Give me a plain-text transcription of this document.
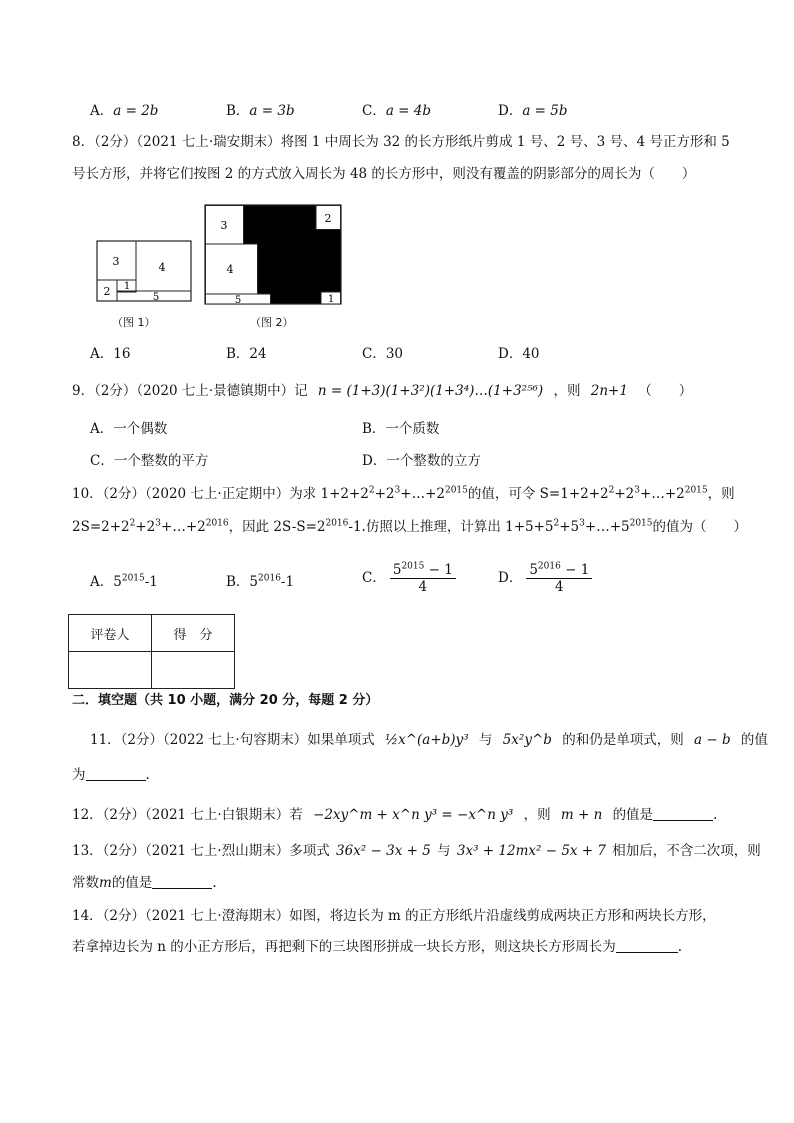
A．a = 2b	B．a = 3b	C．a = 4b	D．a = 5b
8．（2分）（2021 七上·瑞安期末）将图 1 中周长为 32 的长方形纸片剪成 1 号、2 号、3 号、4 号正方形和 5
号长方形，并将它们按图 2 的方式放入周长为 48 的长方形中，则没有覆盖的阴影部分的周长为（　　）
3	4
2 1
5
（图 1）
3
2
4
5	1
（图 2）
A．16	B．24	C．30	D．40
9．（2分）（2020 七上·景德镇期中）记 n = (1+3)(1+3²)(1+3⁴)…(1+3²⁵⁶) ，则 2n+1 （　　）
A．一个偶数	B．一个质数
C．一个整数的平方	D．一个整数的立方
10．（2分）（2020 七上·正定期中）为求 $1+2+2^2+2^3+\dots+2^{2015}$的值，可令 $S=1+2+2^2+2^3+\dots+2^{2015}$，则
$2S=2+2^2+2^3+\dots+2^{2016}$，因此 $2S-S=2^{2016}-1$.仿照以上推理，计算出 $1+5+5^2+5^3+\dots+5^{2015}$的值为（　　）
A．$5^{2015}-1$	B．$5^{2016}-1$	C． $\frac{5^{2015} - 1}{4}$	D． $\frac{5^{2016} - 1}{4}$
评卷人	得　分

二．填空题（共 10 小题，满分 20 分，每题 2 分）
11．（2分）（2022 七上·句容期末）如果单项式 ½x^(a+b)y³ 与 5x²y^b 的和仍是单项式，则 a − b 的值
为	.
12．（2分）（2021 七上·白银期末）若 −2xy^m + x^n y³ = −x^n y³ ，则 m + n 的值是	.
13．（2分）（2021 七上·烈山期末）多项式 36x² − 3x + 5 与 3x³ + 12mx² − 5x + 7 相加后，不含二次项，则
常数m的值是	.
14．（2分）（2021 七上·澄海期末）如图，将边长为 m 的正方形纸片沿虚线剪成两块正方形和两块长方形，
若拿掉边长为 n 的小正方形后，再把剩下的三块图形拼成一块长方形，则这块长方形周长为	.
